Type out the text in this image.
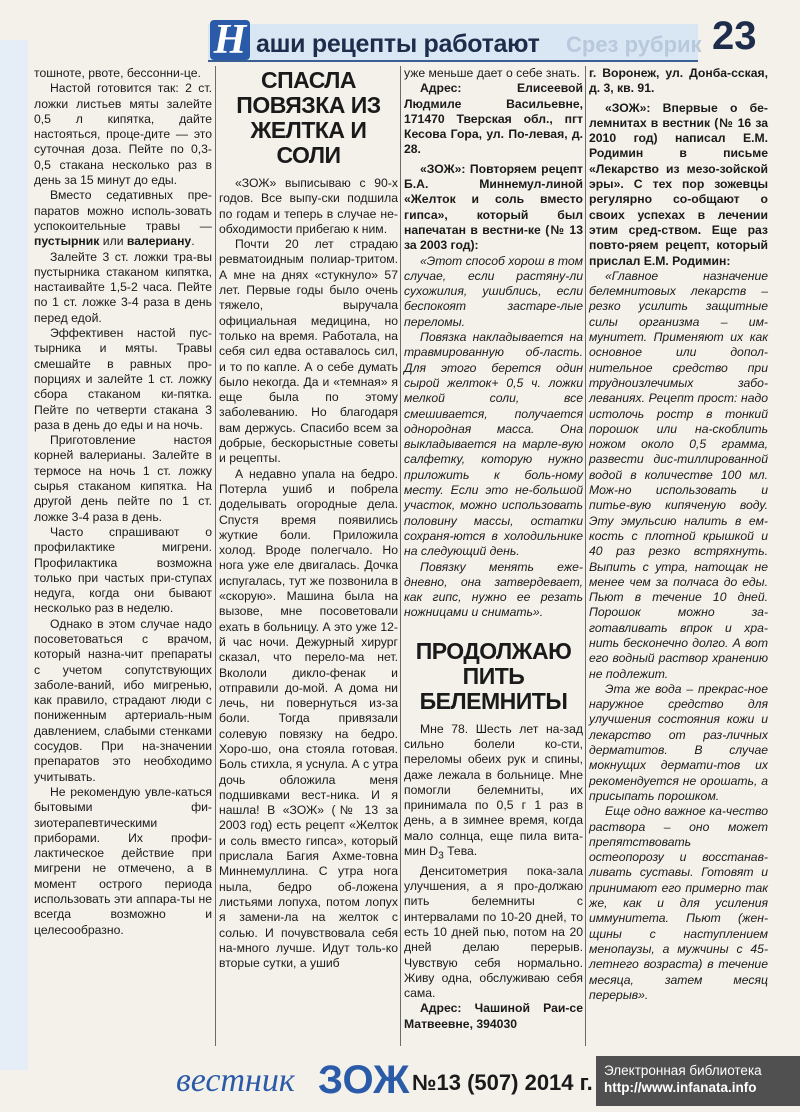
Срез рубрик
Н аши рецепты работают	23

тошноте, рвоте, бессонни-це.

Настой готовится так: 2 ст. ложки листьев мяты залейте 0,5 л кипятка, дайте настояться, проце-дите — это суточная доза. Пейте по 0,3-0,5 стакана несколько раз в день за 15 минут до еды.

Вместо седативных пре-паратов можно исполь-зовать успокоительные травы — пустырник или валериану.

Залейте 3 ст. ложки тра-вы пустырника стаканом кипятка, настаивайте 1,5-2 часа. Пейте по 1 ст. ложке 3-4 раза в день перед едой.

Эффективен настой пус-тырника и мяты. Травы смешайте в равных про-порциях и залейте 1 ст. ложку сбора стаканом ки-пятка. Пейте по четверти стакана 3 раза в день до еды и на ночь.

Приготовление настоя корней валерианы. Залейте в термосе на ночь 1 ст. ложку сырья стаканом кипятка. На другой день пейте по 1 ст. ложке 3-4 раза в день.

Часто спрашивают о профилактике мигрени. Профилактика возможна только при частых при-ступах недуга, когда они бывают несколько раз в неделю.

Однако в этом случае надо посоветоваться с врачом, который назна-чит препараты с учетом сопутствующих заболе-ваний, ибо мигренью, как правило, страдают люди с пониженным артериаль-ным давлением, слабыми стенками сосудов. При на-значении препаратов это необходимо учитывать.

Не рекомендую увле-каться бытовыми фи-зиотерапевтическими приборами. Их профи-лактическое действие при мигрени не отмечено, а в момент острого периода использовать эти аппара-ты не всегда возможно и целесообразно.

СПАСЛА ПОВЯЗКА ИЗ ЖЕЛТКА И СОЛИ

«ЗОЖ» выписываю с 90-х годов. Все выпу-ски подшила по годам и теперь в случае не-обходимости прибегаю к ним.

Почти 20 лет страдаю ревматоидным полиар-тритом. А мне на днях «стукнуло» 57 лет. Первые годы было очень тяжело, выручала официальная медицина, но только на время. Работала, на себя сил едва оставалось сил, и то по капле. А о себе думать было некогда. Да и «темная» я еще была по этому заболеванию. Но благодаря вам держусь. Спасибо всем за добрые, бескорыстные советы и рецепты.

А недавно упала на бедро. Потерла ушиб и побрела доделывать огородные дела. Спустя время появились жуткие боли. Приложила холод. Вроде полегчало. Но нога уже еле двигалась. Дочка испугалась, тут же позвонила в «скорую». Машина была на вызове, мне посоветовали ехать в больницу. А это уже 12-й час ночи. Дежурный хирург сказал, что перело-ма нет. Вкололи дикло-фенак и отправили до-мой. А дома ни лечь, ни повернуться из-за боли. Тогда привязали солевую повязку на бедро. Хоро-шо, она стояла готовая. Боль стихла, я уснула. А с утра дочь обложила меня подшивками вест-ника. И я нашла! В «ЗОЖ» (№ 13 за 2003 год) есть рецепт «Желток и соль вместо гипса», который прислала Багия Ахме-товна Миннемуллина. С утра нога ныла, бедро об-ложена листьями лопуха, потом лопух я замени-ла на желток с солью. И почувствовала себя на-много лучше. Идут толь-ко вторые сутки, а ушиб

уже меньше дает о себе знать.

Адрес: Елисеевой Людмиле Васильевне, 171470 Тверская обл., пгт Кесова Гора, ул. По-левая, д. 28.

«ЗОЖ»: Повторяем рецепт Б.А. Миннемул-линой «Желток и соль вместо гипса», который был напечатан в вестни-ке (№ 13 за 2003 год):

«Этот способ хорош в том случае, если растяну-ли сухожилия, ушиблись, если беспокоят застаре-лые переломы.

Повязка накладывается на травмированную об-ласть. Для этого берется один сырой желток+ 0,5 ч. ложки мелкой соли, все смешивается, получается однородная масса. Она выкладывается на марле-вую салфетку, которую нужно приложить к боль-ному месту. Если это не-большой участок, можно использовать половину массы, остатки сохраня-ются в холодильнике на следующий день.

Повязку менять еже-дневно, она затвердевает, как гипс, нужно ее резать ножницами и снимать».

ПРОДОЛЖАЮ ПИТЬ БЕЛЕМНИТЫ

Мне 78. Шесть лет на-зад сильно болели ко-сти, переломы обеих рук и спины, даже лежала в больнице. Мне помогли белемниты, их принимала по 0,5 г 1 раз в день, а в зимнее время, когда мало солнца, еще пила вита-мин $D_3$ Тева.

Денситометрия пока-зала улучшения, а я про-должаю пить белемниты с интервалами по 10-20 дней, то есть 10 дней пью, потом на 20 дней делаю перерыв. Чувствую себя нормально. Живу одна, обслуживаю себя сама.

Адрес: Чашиной Раи-се Матвеевне, 394030

г. Воронеж, ул. Донба-сская, д. 3, кв. 91.

«ЗОЖ»: Впервые о бе-лемнитах в вестник (№ 16 за 2010 год) написал Е.М. Родимин в письме «Лекарство из мезо-зойской эры». С тех пор зожевцы регулярно со-общают о своих успехах в лечении этим сред-ством. Еще раз повто-ряем рецепт, который прислал Е.М. Родимин:

«Главное назначение белемнитовых лекарств – резко усилить защитные силы организма – им-мунитет. Применяют их как основное или допол-нительное средство при трудноизлечимых забо-леваниях. Рецепт прост: надо истолочь ростр в тонкий порошок или на-скоблить ножом около 0,5 грамма, развести дис-тиллированной водой в количестве 100 мл. Мож-но использовать и питье-вую кипяченую воду. Эту эмульсию налить в ем-кость с плотной крышкой и 40 раз резко встряхнуть. Выпить с утра, натощак не менее чем за полчаса до еды. Пьют в течение 10 дней. Порошок можно за-готавливать впрок и хра-нить бесконечно долго. А вот его водный раствор хранению не подлежит.

Эта же вода – прекрас-ное наружное средство для улучшения состояния кожи и лекарство от раз-личных дерматитов. В случае мокнущих дермати-тов их рекомендуется не орошать, а присыпать порошком.

Еще одно важное ка-чество раствора – оно может препятствовать остеопорозу и восстанав-ливать суставы. Готовят и принимают его примерно так же, как и для усиления иммунитета. Пьют (жен-щины с наступлением менопаузы, а мужчины с 45-летнего возраста) в течение месяца, затем месяц перерыв».

вестник ЗОЖ №13 (507) 2014 г. Электронная библиотека
http://www.infanata.info
